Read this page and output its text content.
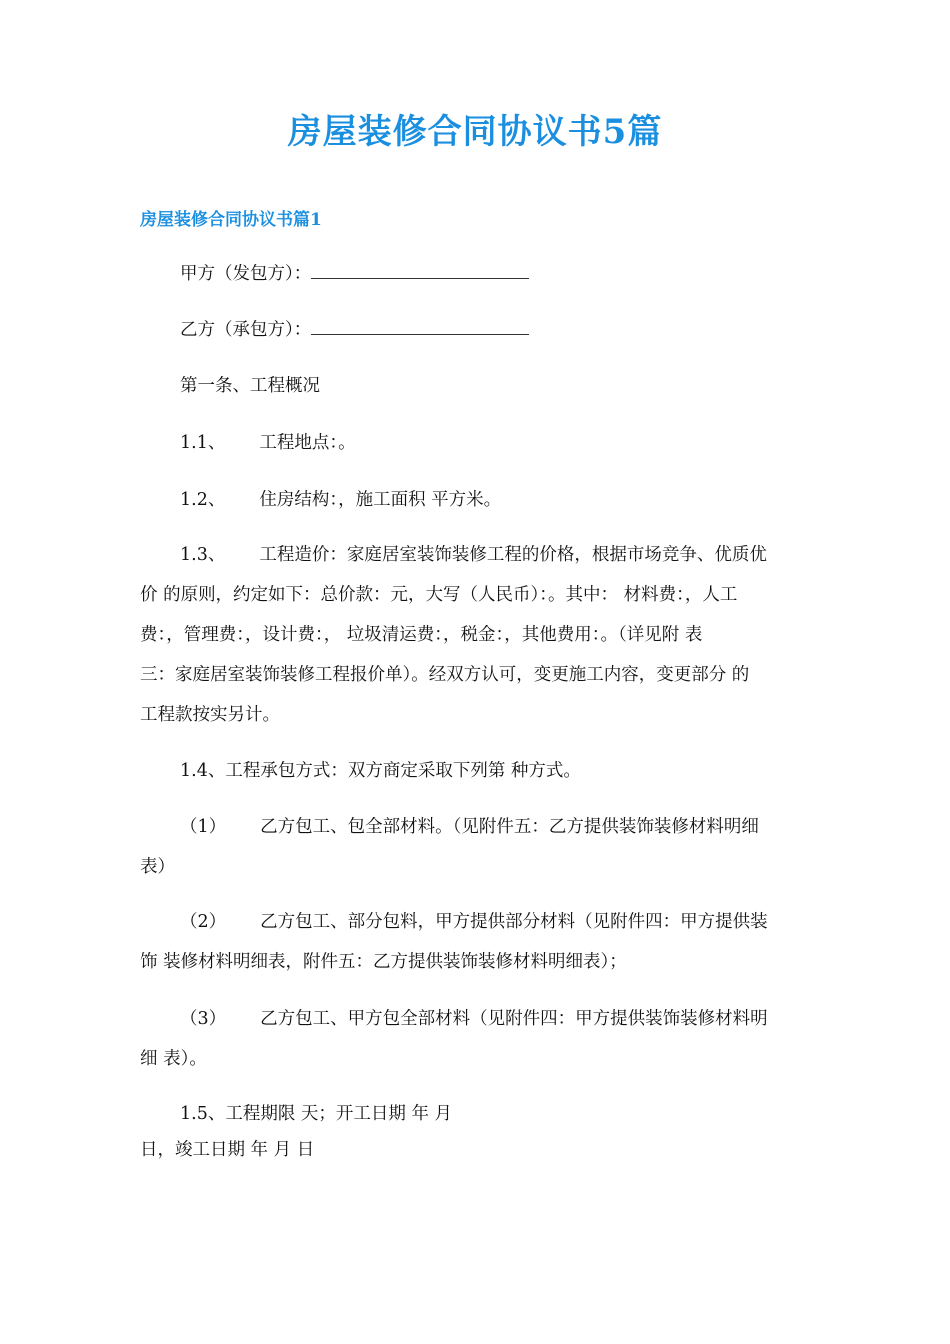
房屋装修合同协议书5篇
房屋装修合同协议书篇1
甲方（发包方）：
乙方（承包方）：
第一条、工程概况
1.1、 工程地点：。
1.2、 住房结构：，施工面积 平方米。
1.3、 工程造价：家庭居室装饰装修工程的价格，根据市场竞争、优质优
价 的原则，约定如下：总价款：元，大写（人民币）：。其中： 材料费：，人工
费：，管理费：，设计费：， 垃圾清运费：，税金：，其他费用：。（详见附 表
三：家庭居室装饰装修工程报价单）。经双方认可，变更施工内容，变更部分 的
工程款按实另计。
1.4、工程承包方式：双方商定采取下列第 种方式。
（1） 乙方包工、包全部材料。（见附件五：乙方提供装饰装修材料明细
表）
（2） 乙方包工、部分包料，甲方提供部分材料（见附件四：甲方提供装
饰 装修材料明细表，附件五：乙方提供装饰装修材料明细表）；
（3） 乙方包工、甲方包全部材料（见附件四：甲方提供装饰装修材料明
细 表）。
1.5、工程期限 天；开工日期 年 月
日，竣工日期 年 月 日
